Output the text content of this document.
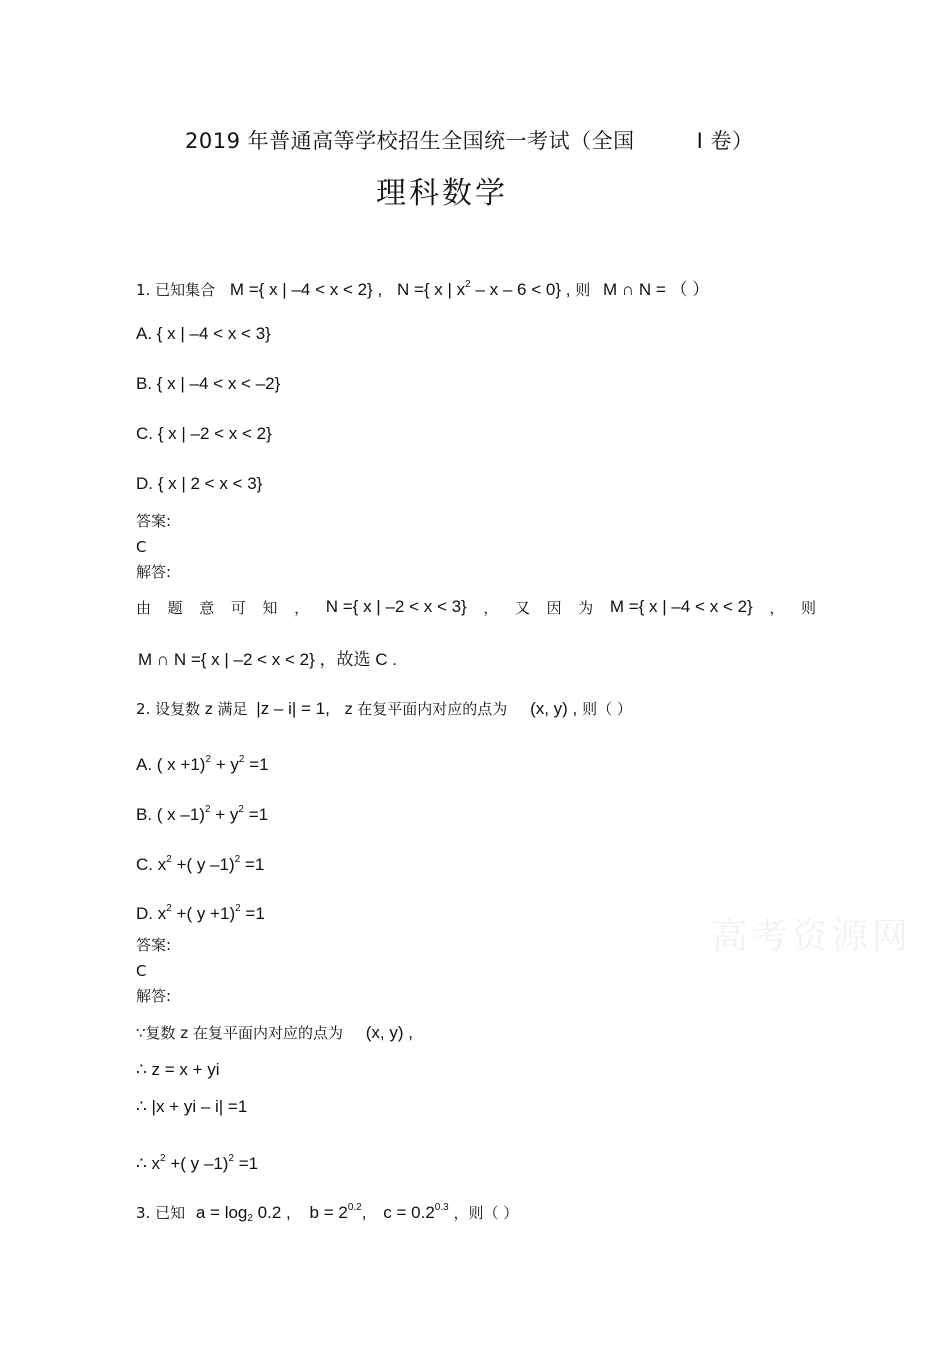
2019 年普通高等学校招生全国统一考试（全国	I 卷）
理科数学
1. 已知集合 M ={ x | –4 < x < 2} , N ={ x | $x^2 - x - 6 < 0$} , 则 M ∩ N = （ ）
A. { x | –4 < x < 3}
B. { x | –4 < x < –2}
C. { x | –2 < x < 2}
D. { x | 2 < x < 3}
答案:
C
解答:
由 题 意 可 知 ， N ={ x | –2 < x < 3} ， 又 因 为 M ={ x | –4 < x < 2} ， 则
M ∩ N ={ x | –2 < x < 2} ，故选 C .
2. 设复数 z 满足 |z – i| = 1, z 在复平面内对应的点为 (x, y) , 则（ ）
A. ( $x +1)^2 + y^2 =1$
B. ( x $-1)^2 + y^2 =1$
C. $x^2$ +( y –1)$^2$ =1
D. $x^2$ +( y +1)$^2$ =1
答案:
C
解答:
∵复数 z 在复平面内对应的点为 (x, y) ,
∴ z = x + yi
∴ |x + yi – i| =1
∴ $x^2$ +( y –1)$^2$ =1
3. 已知 $a = \log_2 0.2$ , $b = 2^{0.2}$, $c = 0.2^{0.3}$ ，则（ ）
高考资源网
